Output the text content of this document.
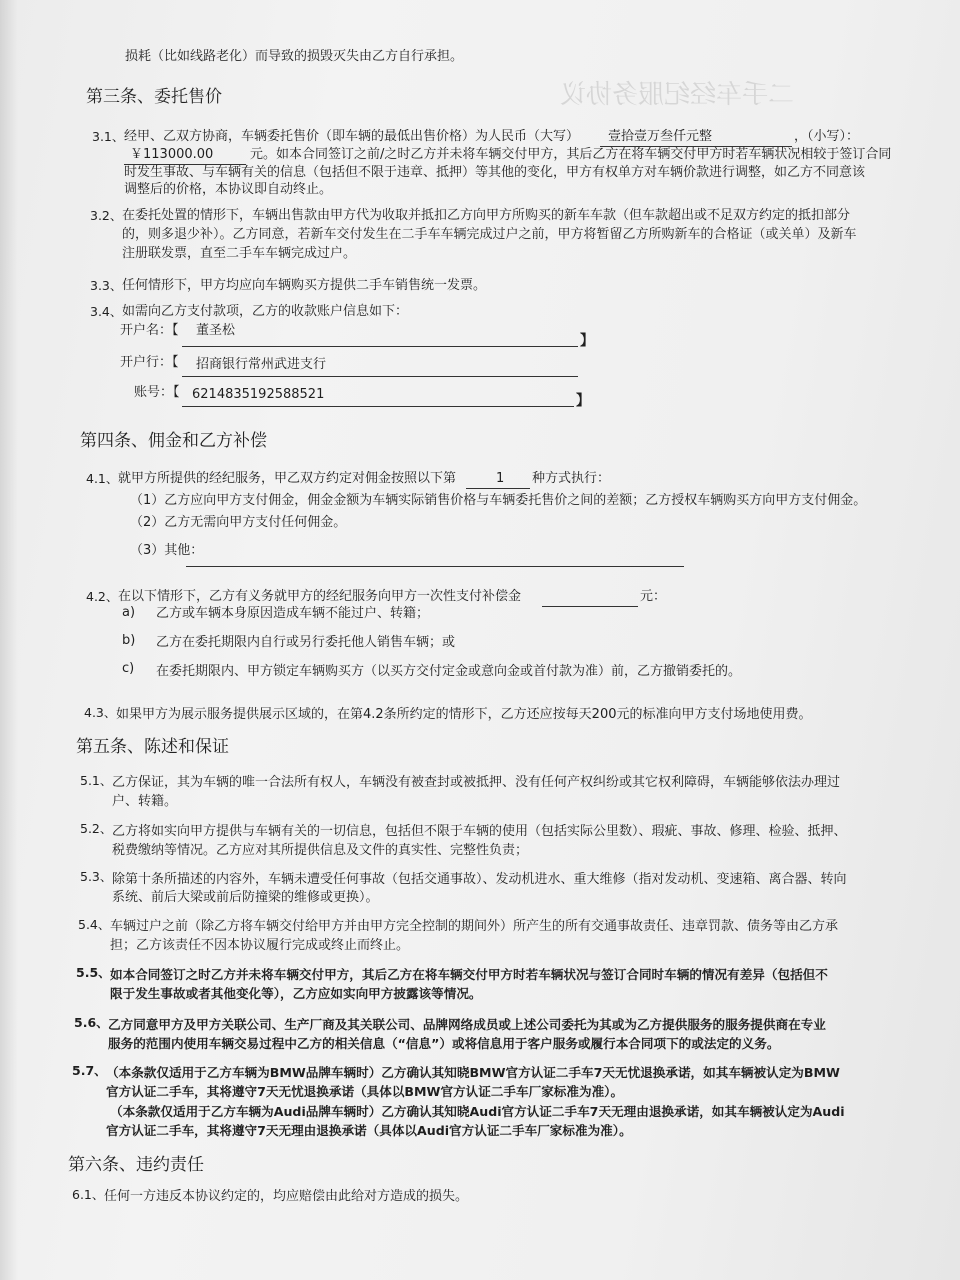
二手车经纪服务协议
损耗（比如线路老化）而导致的损毁灭失由乙方自行承担。
第三条、委托售价
3.1、 经甲、乙双方协商，车辆委托售价（即车辆的最低出售价格）为人民币（大写） 壹拾壹万叁仟元整	，（小写）：
￥113000.00	元。如本合同签订之前/之时乙方并未将车辆交付甲方，其后乙方在将车辆交付甲方时若车辆状况相较于签订合同
时发生事故、与车辆有关的信息（包括但不限于违章、抵押）等其他的变化，甲方有权单方对车辆价款进行调整，如乙方不同意该
调整后的价格，本协议即自动终止。
3.2、 在委托处置的情形下，车辆出售款由甲方代为收取并抵扣乙方向甲方所购买的新车车款（但车款超出或不足双方约定的抵扣部分
的，则多退少补）。乙方同意，若新车交付发生在二手车车辆完成过户之前，甲方将暂留乙方所购新车的合格证（或关单）及新车
注册联发票，直至二手车车辆完成过户。
3.3、 任何情形下，甲方均应向车辆购买方提供二手车销售统一发票。
3.4、 如需向乙方支付款项，乙方的收款账户信息如下：
开户名：【 董圣松
】
开户行：【 招商银行常州武进支行
账号：【 6214835192588521	】
第四条、佣金和乙方补偿
4.1、 就甲方所提供的经纪服务，甲乙双方约定对佣金按照以下第	1 种方式执行：
（1）乙方应向甲方支付佣金，佣金金额为车辆实际销售价格与车辆委托售价之间的差额；乙方授权车辆购买方向甲方支付佣金。
（2）乙方无需向甲方支付任何佣金。
（3）其他：
4.2、 在以下情形下，乙方有义务就甲方的经纪服务向甲方一次性支付补偿金	元：
a) 乙方或车辆本身原因造成车辆不能过户、转籍；
b) 乙方在委托期限内自行或另行委托他人销售车辆；或
c) 在委托期限内、甲方锁定车辆购买方（以买方交付定金或意向金或首付款为准）前，乙方撤销委托的。
4.3、 如果甲方为展示服务提供展示区域的，在第4.2条所约定的情形下，乙方还应按每天200元的标准向甲方支付场地使用费。
第五条、陈述和保证
5.1、 乙方保证，其为车辆的唯一合法所有权人，车辆没有被查封或被抵押、没有任何产权纠纷或其它权利障碍，车辆能够依法办理过
户、转籍。
5.2、 乙方将如实向甲方提供与车辆有关的一切信息，包括但不限于车辆的使用（包括实际公里数）、瑕疵、事故、修理、检验、抵押、
税费缴纳等情况。乙方应对其所提供信息及文件的真实性、完整性负责；
5.3、 除第十条所描述的内容外，车辆未遭受任何事故（包括交通事故）、发动机进水、重大维修（指对发动机、变速箱、离合器、转向
系统、前后大梁或前后防撞梁的维修或更换）。
5.4、 车辆过户之前（除乙方将车辆交付给甲方并由甲方完全控制的期间外）所产生的所有交通事故责任、违章罚款、债务等由乙方承
担；乙方该责任不因本协议履行完成或终止而终止。
5.5、 如本合同签订之时乙方并未将车辆交付甲方，其后乙方在将车辆交付甲方时若车辆状况与签订合同时车辆的情况有差异（包括但不
限于发生事故或者其他变化等），乙方应如实向甲方披露该等情况。
5.6、 乙方同意甲方及甲方关联公司、生产厂商及其关联公司、品牌网络成员或上述公司委托为其或为乙方提供服务的服务提供商在专业
服务的范围内使用车辆交易过程中乙方的相关信息（“信息”）或将信息用于客户服务或履行本合同项下的或法定的义务。
5.7、 （本条款仅适用于乙方车辆为BMW品牌车辆时）乙方确认其知晓BMW官方认证二手车7天无忧退换承诺，如其车辆被认定为BMW
官方认证二手车，其将遵守7天无忧退换承诺（具体以BMW官方认证二手车厂家标准为准）。
（本条款仅适用于乙方车辆为Audi品牌车辆时）乙方确认其知晓Audi官方认证二手车7天无理由退换承诺，如其车辆被认定为Audi
官方认证二手车，其将遵守7天无理由退换承诺（具体以Audi官方认证二手车厂家标准为准）。
第六条、违约责任
6.1、 任何一方违反本协议约定的，均应赔偿由此给对方造成的损失。
